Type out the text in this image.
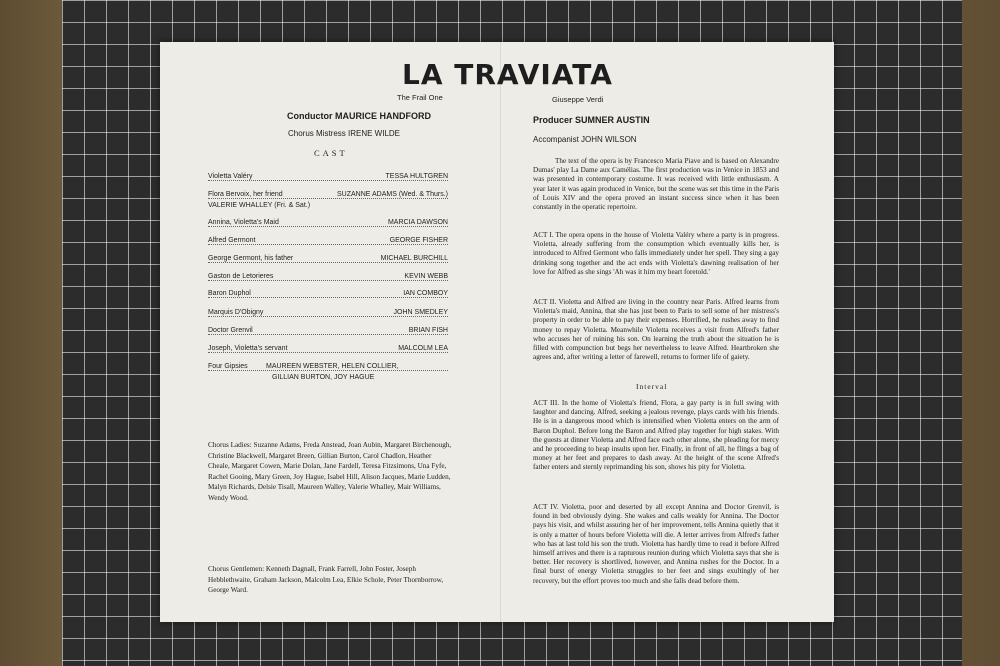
LA TRAVIATA
The Frail One	Giuseppe Verdi
Conductor MAURICE HANDFORD	Producer SUMNER AUSTIN
Chorus Mistress IRENE WILDE
Accompanist JOHN WILSON
CAST
Violetta Valéry	TESSA HULTGREN
Flora Bervoix, her friend	SUZANNE ADAMS (Wed. & Thurs.)
VALERIE WHALLEY (Fri. & Sat.)
Annina, Violetta's Maid	MARCIA DAWSON
Alfred Germont	GEORGE FISHER
George Germont, his father	MICHAEL BURCHILL
Gaston de Letorieres	KEVIN WEBB
Baron Duphol	IAN COMBOY
Marquis D'Obigny	JOHN SMEDLEY
Doctor Grenvil	BRIAN FISH
Joseph, Violetta's servant	MALCOLM LEA
Four Gipsies	MAUREEN WEBSTER, HELEN COLLIER,
GILLIAN BURTON, JOY HAGUE
Chorus Ladies: Suzanne Adams, Freda Anstead, Joan Aubin, Margaret Birchenough, Christine Blackwell, Margaret Breen, Gillian Burton, Carol Chadlon, Heather Cheale, Margaret Cowen, Marie Dolan, Jane Fardell, Teresa Fitzsimons, Una Fyfe, Rachel Gooing, Mary Green, Joy Hague, Isabel Hill, Alison Jacques, Marie Ludden, Malyn Richards, Delsie Tisall, Maureen Walley, Valerie Whalley, Mair Williams, Wendy Wood.
Chorus Gentlemen: Kenneth Dagnall, Frank Farrell, John Foster, Joseph Hebblethwaite, Graham Jackson, Malcolm Lea, Elkie Schole, Peter Thornborrow, George Ward.
The text of the opera is by Francesco Maria Piave and is based on Alexandre Dumas' play La Dame aux Camélias. The first production was in Venice in 1853 and was presented in contemporary costume. It was received with little enthusiasm. A year later it was again produced in Venice, but the scene was set this time in the Paris of Louis XIV and the opera proved an instant success since when it has been constantly in the operatic repertoire.
ACT I. The opera opens in the house of Violetta Valéry where a party is in progress. Violetta, already suffering from the consumption which eventually kills her, is introduced to Alfred Germont who falls immediately under her spell. They sing a gay drinking song together and the act ends with Violetta's dawning realisation of her love for Alfred as she sings 'Ah was it him my heart foretold.'
ACT II. Violetta and Alfred are living in the country near Paris. Alfred learns from Violetta's maid, Annina, that she has just been to Paris to sell some of her mistress's property in order to be able to pay their expenses. Horrified, he rushes away to find money to repay Violetta. Meanwhile Violetta receives a visit from Alfred's father who accuses her of ruining his son. On learning the truth about the situation he is filled with compunction but begs her nevertheless to leave Alfred. Heartbroken she agrees and, after writing a letter of farewell, returns to former life of gaiety.
Interval
ACT III. In the home of Violetta's friend, Flora, a gay party is in full swing with laughter and dancing. Alfred, seeking a jealous revenge, plays cards with his friends. He is in a dangerous mood which is intensified when Violetta enters on the arm of Baron Duphol. Before long the Baron and Alfred play together for high stakes. With the guests at dinner Violetta and Alfred face each other alone, she pleading for mercy and he proceeding to heap insults upon her. Finally, in front of all, he flings a bag of money at her feet and prepares to dash away. At the height of the scene Alfred's father enters and sternly reprimanding his son, shows his pity for Violetta.
ACT IV. Violetta, poor and deserted by all except Annina and Doctor Grenvil, is found in bed obviously dying. She wakes and calls weakly for Annina. The Doctor pays his visit, and whilst assuring her of her improvement, tells Annina quietly that it is only a matter of hours before Violetta will die. A letter arrives from Alfred's father who has at last told his son the truth. Violetta has hardly time to read it before Alfred himself arrives and there is a rapturous reunion during which Violetta says that she is better. Her recovery is shortlived, however, and Annina rushes for the Doctor. In a final burst of energy Violetta struggles to her feet and sings exultingly of her recovery, but the effort proves too much and she falls dead before them.
